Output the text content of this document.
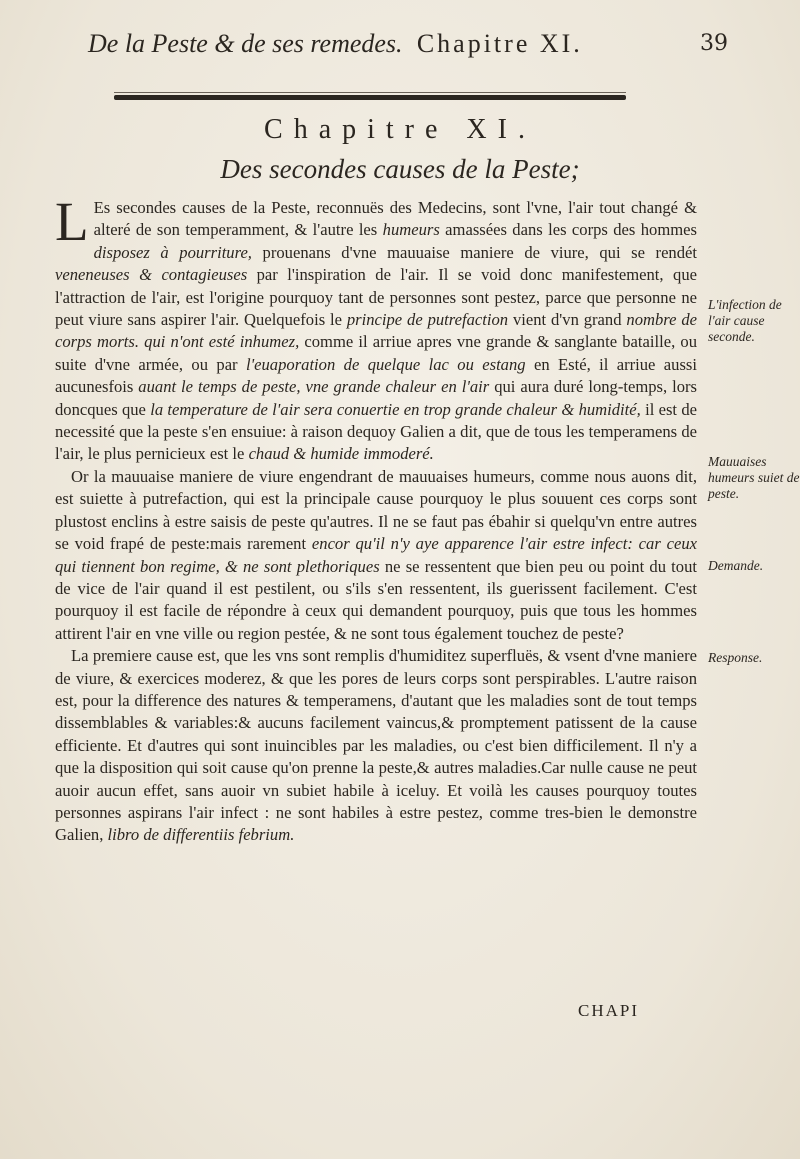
De la Peste & de ses remedes. Chapitre XI.	39
Chapitre XI.
Des secondes causes de la Peste;

L Es secondes causes de la Peste, reconnuës des Medecins, sont l'vne, l'air tout changé & alteré de son temperamment, & l'autre les humeurs amassées dans les corps des hommes disposez à pourriture, prouenans d'vne mauuaise maniere de viure, qui se rendét veneneuses & contagieuses par l'inspiration de l'air. Il se void donc manifestement, que l'attraction de l'air, est l'origine pourquoy tant de personnes sont pestez, parce que personne ne peut viure sans aspirer l'air. Quelquefois le principe de putrefaction vient d'vn grand nombre de corps morts. qui n'ont esté inhumez, comme il arriue apres vne grande & sanglante bataille, ou suite d'vne armée, ou par l'euaporation de quelque lac ou estang en Esté, il arriue aussi aucunesfois auant le temps de peste, vne grande chaleur en l'air qui aura duré long-temps, lors doncques que la temperature de l'air sera conuertie en trop grande chaleur & humidité, il est de necessité que la peste s'en ensuiue: à raison dequoy Galien a dit, que de tous les temperamens de l'air, le plus pernicieux est le chaud & humide immoderé.

Or la mauuaise maniere de viure engendrant de mauuaises humeurs, comme nous auons dit, est suiette à putrefaction, qui est la principale cause pourquoy le plus souuent ces corps sont plustost enclins à estre saisis de peste qu'autres. Il ne se faut pas ébahir si quelqu'vn entre autres se void frapé de peste:mais rarement encor qu'il n'y aye apparence l'air estre infect: car ceux qui tiennent bon regime, & ne sont plethoriques ne se ressentent que bien peu ou point du tout de vice de l'air quand il est pestilent, ou s'ils s'en ressentent, ils guerissent facilement. C'est pourquoy il est facile de répondre à ceux qui demandent pourquoy, puis que tous les hommes attirent l'air en vne ville ou region pestée, & ne sont tous également touchez de peste?

La premiere cause est, que les vns sont remplis d'humiditez superfluës, & vsent d'vne maniere de viure, & exercices moderez, & que les pores de leurs corps sont perspirables. L'autre raison est, pour la difference des natures & temperamens, d'autant que les maladies sont de tout temps dissemblables & variables:& aucuns facilement vaincus,& promptement patissent de la cause efficiente. Et d'autres qui sont inuincibles par les maladies, ou c'est bien difficilement. Il n'y a que la disposition qui soit cause qu'on prenne la peste,& autres maladies.Car nulle cause ne peut auoir aucun effet, sans auoir vn subiet habile à iceluy. Et voilà les causes pourquoy toutes personnes aspirans l'air infect : ne sont habiles à estre pestez, comme tres-bien le demonstre Galien, libro de differentiis febrium.

L'infection de l'air cause seconde.
Mauuaises humeurs suiet de peste.
Demande.
Response.
CHAPI
